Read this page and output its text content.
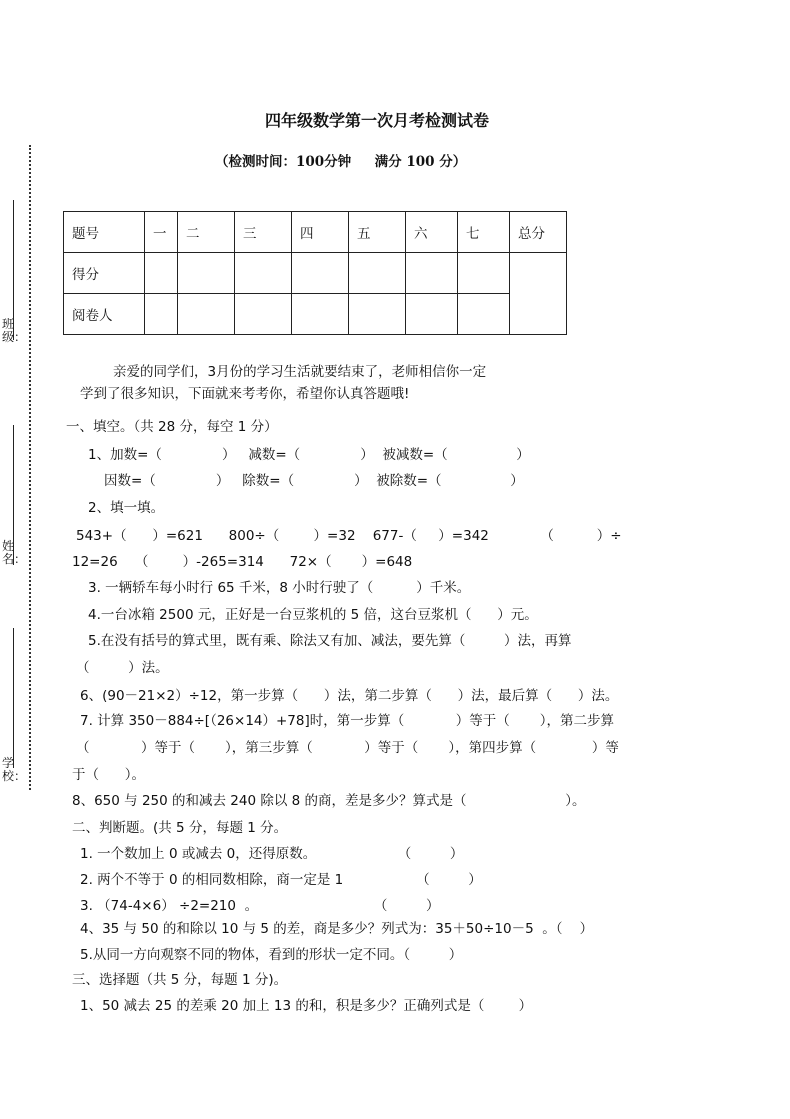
班级：
姓名：
学校：
四年级数学第一次月考检测试卷
（检测时间：100分钟     满分 100 分）
题号	一	二	三	四	五	六	七	总分
得分								
阅卷人								
亲爱的同学们，3月份的学习生活就要结束了，老师相信你一定
学到了很多知识，下面就来考考你，希望你认真答题哦!
一、填空。（共 28 分，每空 1 分）
1、加数=（              ）   减数=（              ）  被减数=（                ）
因数=（              ）   除数=（              ）  被除数=（                ）
2、填一填。
543+（      ）=621      800÷（        ）=32    677-（     ）=342            （          ）÷
12=26    （        ）-265=314      72×（       ）=648
3. 一辆轿车每小时行 65 千米，8 小时行驶了（          ）千米。
4.一台冰箱 2500 元，正好是一台豆浆机的 5 倍，这台豆浆机（      ）元。
5.在没有括号的算式里，既有乘、除法又有加、减法，要先算（         ）法，再算
（         ）法。
6、(90－21×2）÷12，第一步算（      ）法，第二步算（      ）法，最后算（      ）法。
7. 计算 350－884÷[（26×14）+78]时，第一步算（            ）等于（       ），第二步算
（            ）等于（       ），第三步算（            ）等于（       ），第四步算（             ）等
于（      ）。
8、650 与 250 的和减去 240 除以 8 的商，差是多少？算式是（                       ）。
二、判断题。(共 5 分，每题 1 分。
1. 一个数加上 0 或减去 0，还得原数。                   （         ）
2. 两个不等于 0 的相同数相除，商一定是 1                 （         ）
3. （74-4×6） ÷2=210  。                           （         ）
4、35 与 50 的和除以 10 与 5 的差，商是多少？列式为：35＋50÷10－5  。（    ）
5.从同一方向观察不同的物体，看到的形状一定不同。（         ）
三、选择题（共 5 分，每题 1 分)。
1、50 减去 25 的差乘 20 加上 13 的和，积是多少？正确列式是（        ）
